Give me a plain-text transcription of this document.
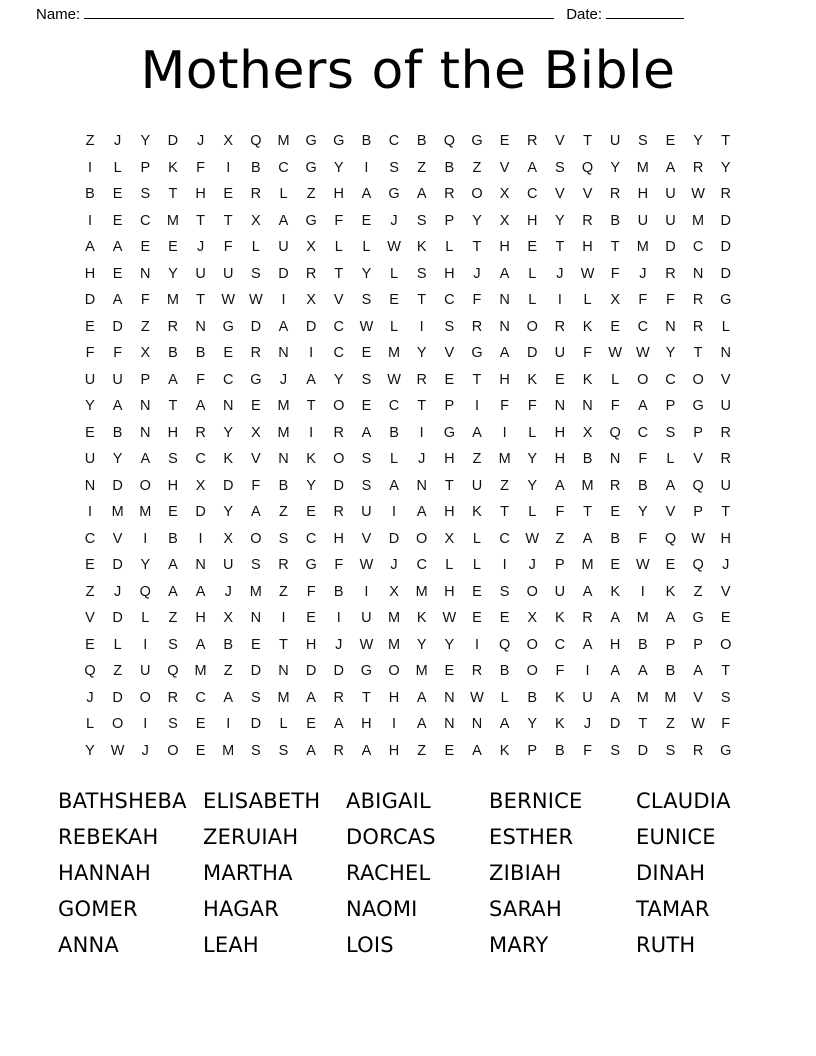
Name:	Date:
Mothers of the Bible
Z	J	Y	D	J	X	Q	M	G	G	B	C	B	Q	G	E	R	V	T	U	S	E	Y	T
I	L	P	K	F	I	B	C	G	Y	I	S	Z	B	Z	V	A	S	Q	Y	M	A	R	Y
B	E	S	T	H	E	R	L	Z	H	A	G	A	R	O	X	C	V	V	R	H	U	W	R
I	E	C	M	T	T	X	A	G	F	E	J	S	P	Y	X	H	Y	R	B	U	U	M	D
A	A	E	E	J	F	L	U	X	L	L	W	K	L	T	H	E	T	H	T	M	D	C	D
H	E	N	Y	U	U	S	D	R	T	Y	L	S	H	J	A	L	J	W	F	J	R	N	D
D	A	F	M	T	W W	I	X	V	S	E	T	C	F	N	L	I	L	X	F	F	R	G
E	D	Z	R	N	G	D	A	D	C	W	L	I	S	R	N	O	R	K	E	C	N	R	L
F	F	X	B	B	E	R	N	I	C	E	M	Y	V	G	A	D	U	F	W W	Y	T	N
U	U	P	A	F	C	G	J	A	Y	S	W	R	E	T	H	K	E	K	L	O	C	O	V
Y	A	N	T	A	N	E	M	T	O	E	C	T	P	I	F	F	N	N	F	A	P	G	U
E	B	N	H	R	Y	X	M	I	R	A	B	I	G	A	I	L	H	X	Q	C	S	P	R
U	Y	A	S	C	K	V	N	K	O	S	L	J	H	Z	M	Y	H	B	N	F	L	V	R
N	D	O	H	X	D	F	B	Y	D	S	A	N	T	U	Z	Y	A	M	R	B	A	Q	U
I	M	M	E	D	Y	A	Z	E	R	U	I	A	H	K	T	L	F	T	E	Y	V	P	T
C	V	I	B	I	X	O	S	C	H	V	D	O	X	L	C	W	Z	A	B	F	Q	W	H
E	D	Y	A	N	U	S	R	G	F	W	J	C	L	L	I	J	P	M	E	W	E	Q	J
Z	J	Q	A	A	J	M	Z	F	B	I	X	M	H	E	S	O	U	A	K	I	K	Z	V
V	D	L	Z	H	X	N	I	E	I	U	M	K	W	E	E	X	K	R	A	M	A	G	E
E	L	I	S	A	B	E	T	H	J	W	M	Y	Y	I	Q	O	C	A	H	B	P	P	O
Q	Z	U	Q	M	Z	D	N	D	D	G	O	M	E	R	B	O	F	I	A	A	B	A	T
J	D	O	R	C	A	S	M	A	R	T	H	A	N	W	L	B	K	U	A	M	M	V	S
L	O	I	S	E	I	D	L	E	A	H	I	A	N	N	A	Y	K	J	D	T	Z	W	F
Y	W	J	O	E	M	S	S	A	R	A	H	Z	E	A	K	P	B	F	S	D	S	R	G
BATHSHEBA ELISABETH	ABIGAIL	BERNICE	CLAUDIA
REBEKAH	ZERUIAH	DORCAS	ESTHER	EUNICE
HANNAH	MARTHA	RACHEL	ZIBIAH	DINAH
GOMER	HAGAR	NAOMI	SARAH	TAMAR
ANNA	LEAH	LOIS	MARY	RUTH
